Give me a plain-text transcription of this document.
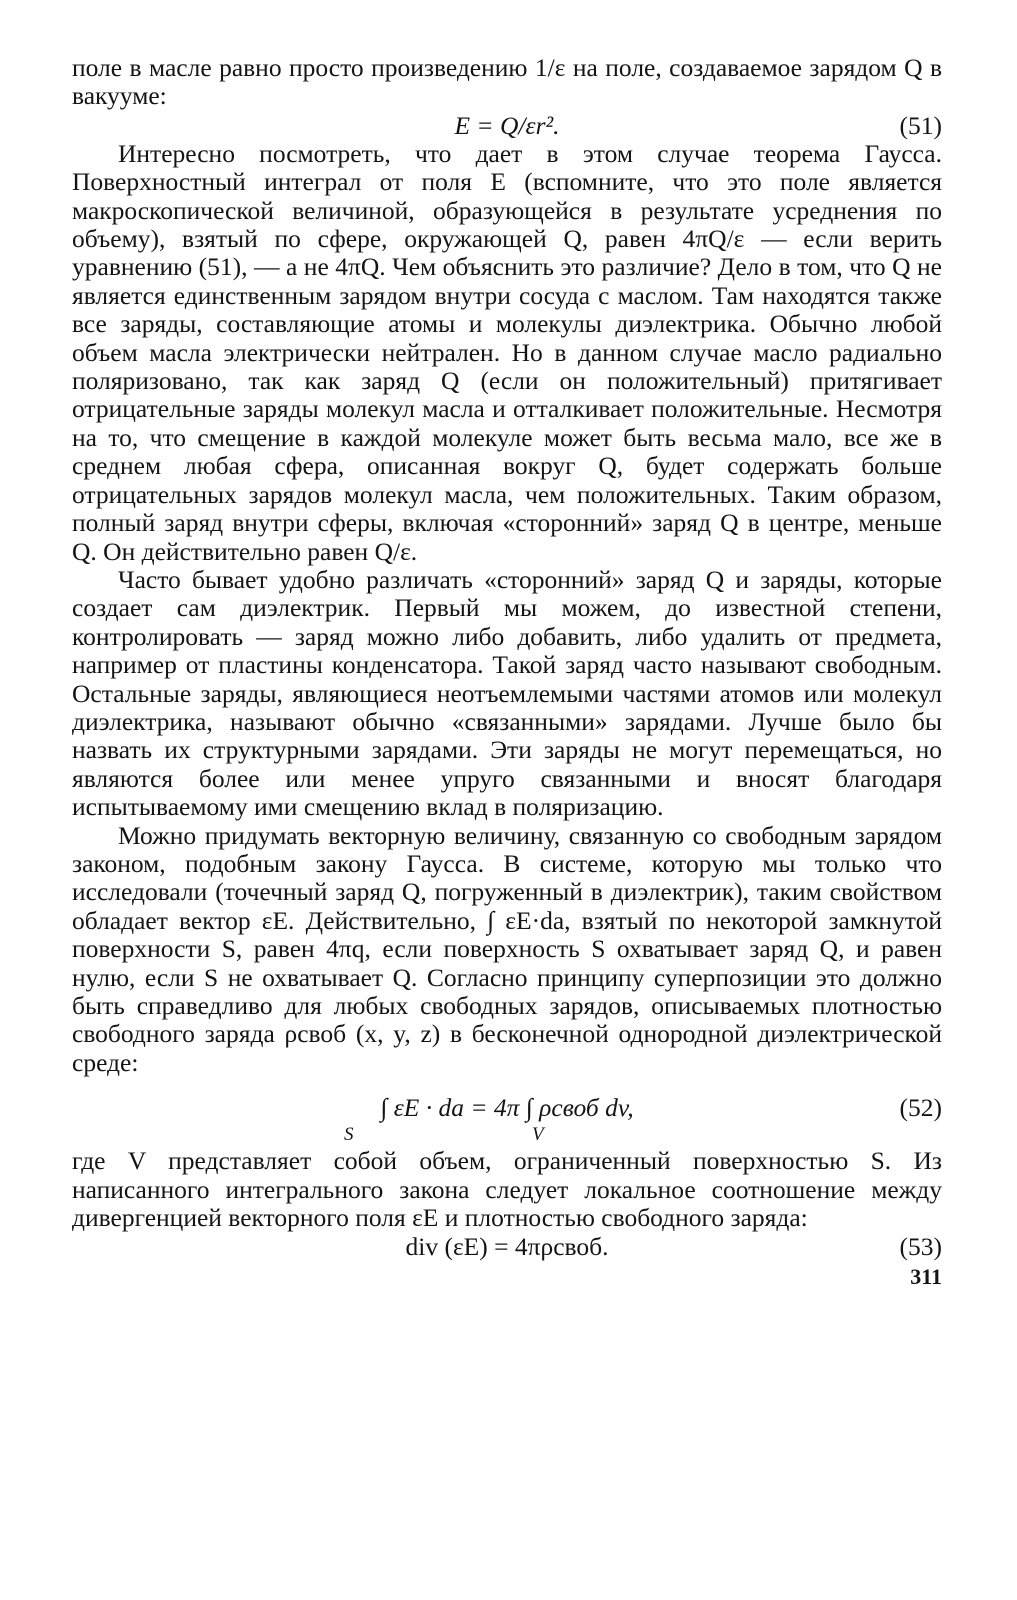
поле в масле равно просто произведению 1/ε на поле, создаваемое зарядом Q в вакууме:

E = Q/εr².	(51)

Интересно посмотреть, что дает в этом случае теорема Гаусса. Поверхностный интеграл от поля E (вспомните, что это поле является макроскопической величиной, образующейся в результате усреднения по объему), взятый по сфере, окружающей Q, равен 4πQ/ε — если верить уравнению (51), — а не 4πQ. Чем объяснить это различие? Дело в том, что Q не является единственным зарядом внутри сосуда с маслом. Там находятся также все заряды, составляющие атомы и молекулы диэлектрика. Обычно любой объем масла электрически нейтрален. Но в данном случае масло радиально поляризовано, так как заряд Q (если он положительный) притягивает отрицательные заряды молекул масла и отталкивает положительные. Несмотря на то, что смещение в каждой молекуле может быть весьма мало, все же в среднем любая сфера, описанная вокруг Q, будет содержать больше отрицательных зарядов молекул масла, чем положительных. Таким образом, полный заряд внутри сферы, включая «сторонний» заряд Q в центре, меньше Q. Он действительно равен Q/ε.

Часто бывает удобно различать «сторонний» заряд Q и заряды, которые создает сам диэлектрик. Первый мы можем, до известной степени, контролировать — заряд можно либо добавить, либо удалить от предмета, например от пластины конденсатора. Такой заряд часто называют свободным. Остальные заряды, являющиеся неотъемлемыми частями атомов или молекул диэлектрика, называют обычно «связанными» зарядами. Лучше было бы назвать их структурными зарядами. Эти заряды не могут перемещаться, но являются более или менее упруго связанными и вносят благодаря испытываемому ими смещению вклад в поляризацию.

Можно придумать векторную величину, связанную со свободным зарядом законом, подобным закону Гаусса. В системе, которую мы только что исследовали (точечный заряд Q, погруженный в диэлектрик), таким свойством обладает вектор εE. Действительно, ∫ εE·da, взятый по некоторой замкнутой поверхности S, равен 4πq, если поверхность S охватывает заряд Q, и равен нулю, если S не охватывает Q. Согласно принципу суперпозиции это должно быть справедливо для любых свободных зарядов, описываемых плотностью свободного заряда ρсвоб (x, y, z) в бесконечной однородной диэлектрической среде:

∫ εE · da = 4π ∫ ρсвоб dv,
S	V
(52)

где V представляет собой объем, ограниченный поверхностью S. Из написанного интегрального закона следует локальное соотношение между дивергенцией векторного поля εE и плотностью свободного заряда:

div (εE) = 4πρсвоб.	(53)
311
